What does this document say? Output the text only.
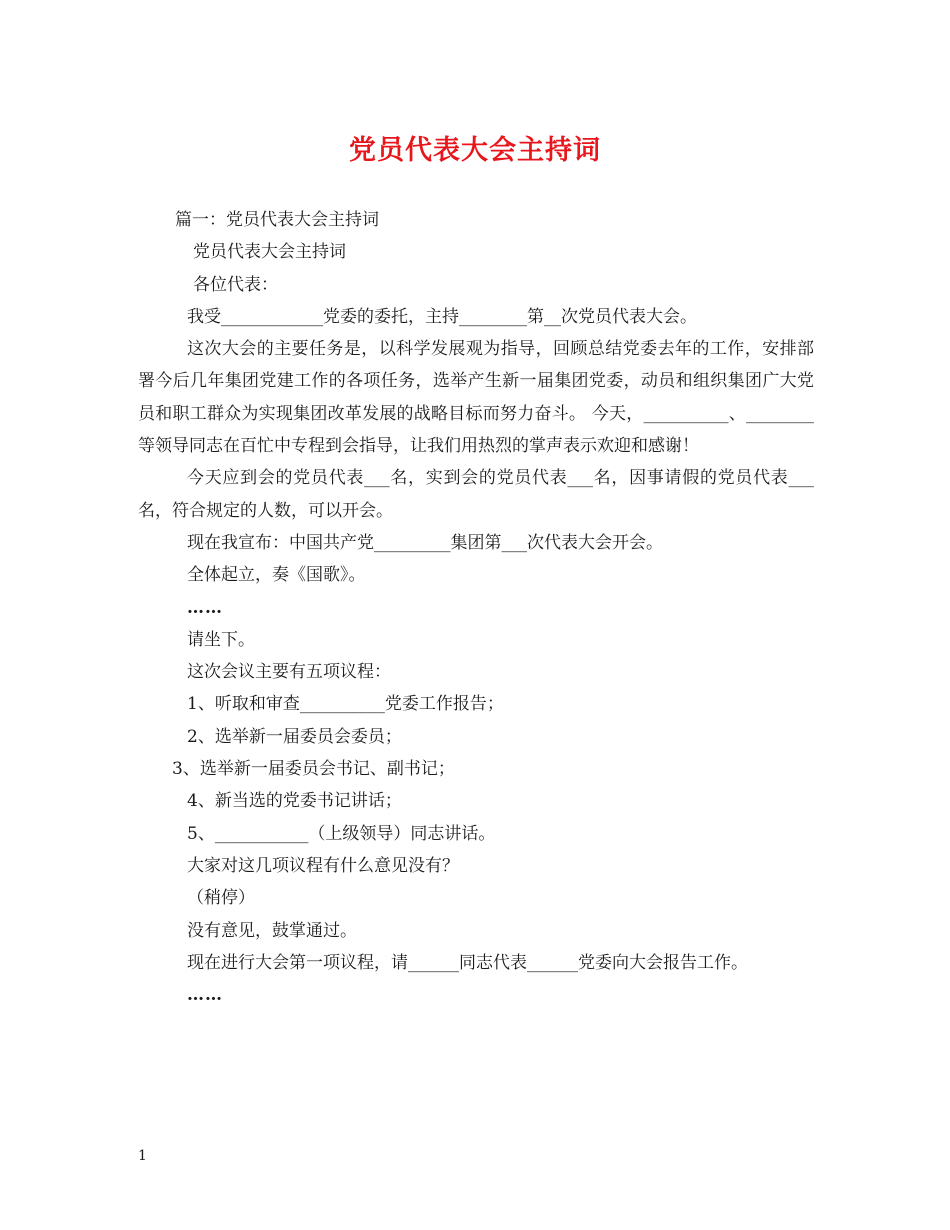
党员代表大会主持词

篇一：党员代表大会主持词

党员代表大会主持词

各位代表：

我受____________党委的委托，主持________第__次党员代表大会。

这次大会的主要任务是，以科学发展观为指导，回顾总结党委去年的工作，安排部署今后几年集团党建工作的各项任务，选举产生新一届集团党委，动员和组织集团广大党员和职工群众为实现集团改革发展的战略目标而努力奋斗。 今天，__________、________等领导同志在百忙中专程到会指导，让我们用热烈的掌声表示欢迎和感谢！

今天应到会的党员代表___名，实到会的党员代表___名，因事请假的党员代表___名，符合规定的人数，可以开会。

现在我宣布：中国共产党_________集团第___次代表大会开会。

全体起立，奏《国歌》。

……

请坐下。

这次会议主要有五项议程：

1、听取和审查__________党委工作报告；

2、选举新一届委员会委员；

3、选举新一届委员会书记、副书记；

4、新当选的党委书记讲话；

5、___________（上级领导）同志讲话。

大家对这几项议程有什么意见没有？

（稍停）

没有意见，鼓掌通过。

现在进行大会第一项议程，请______同志代表______党委向大会报告工作。

……

1
